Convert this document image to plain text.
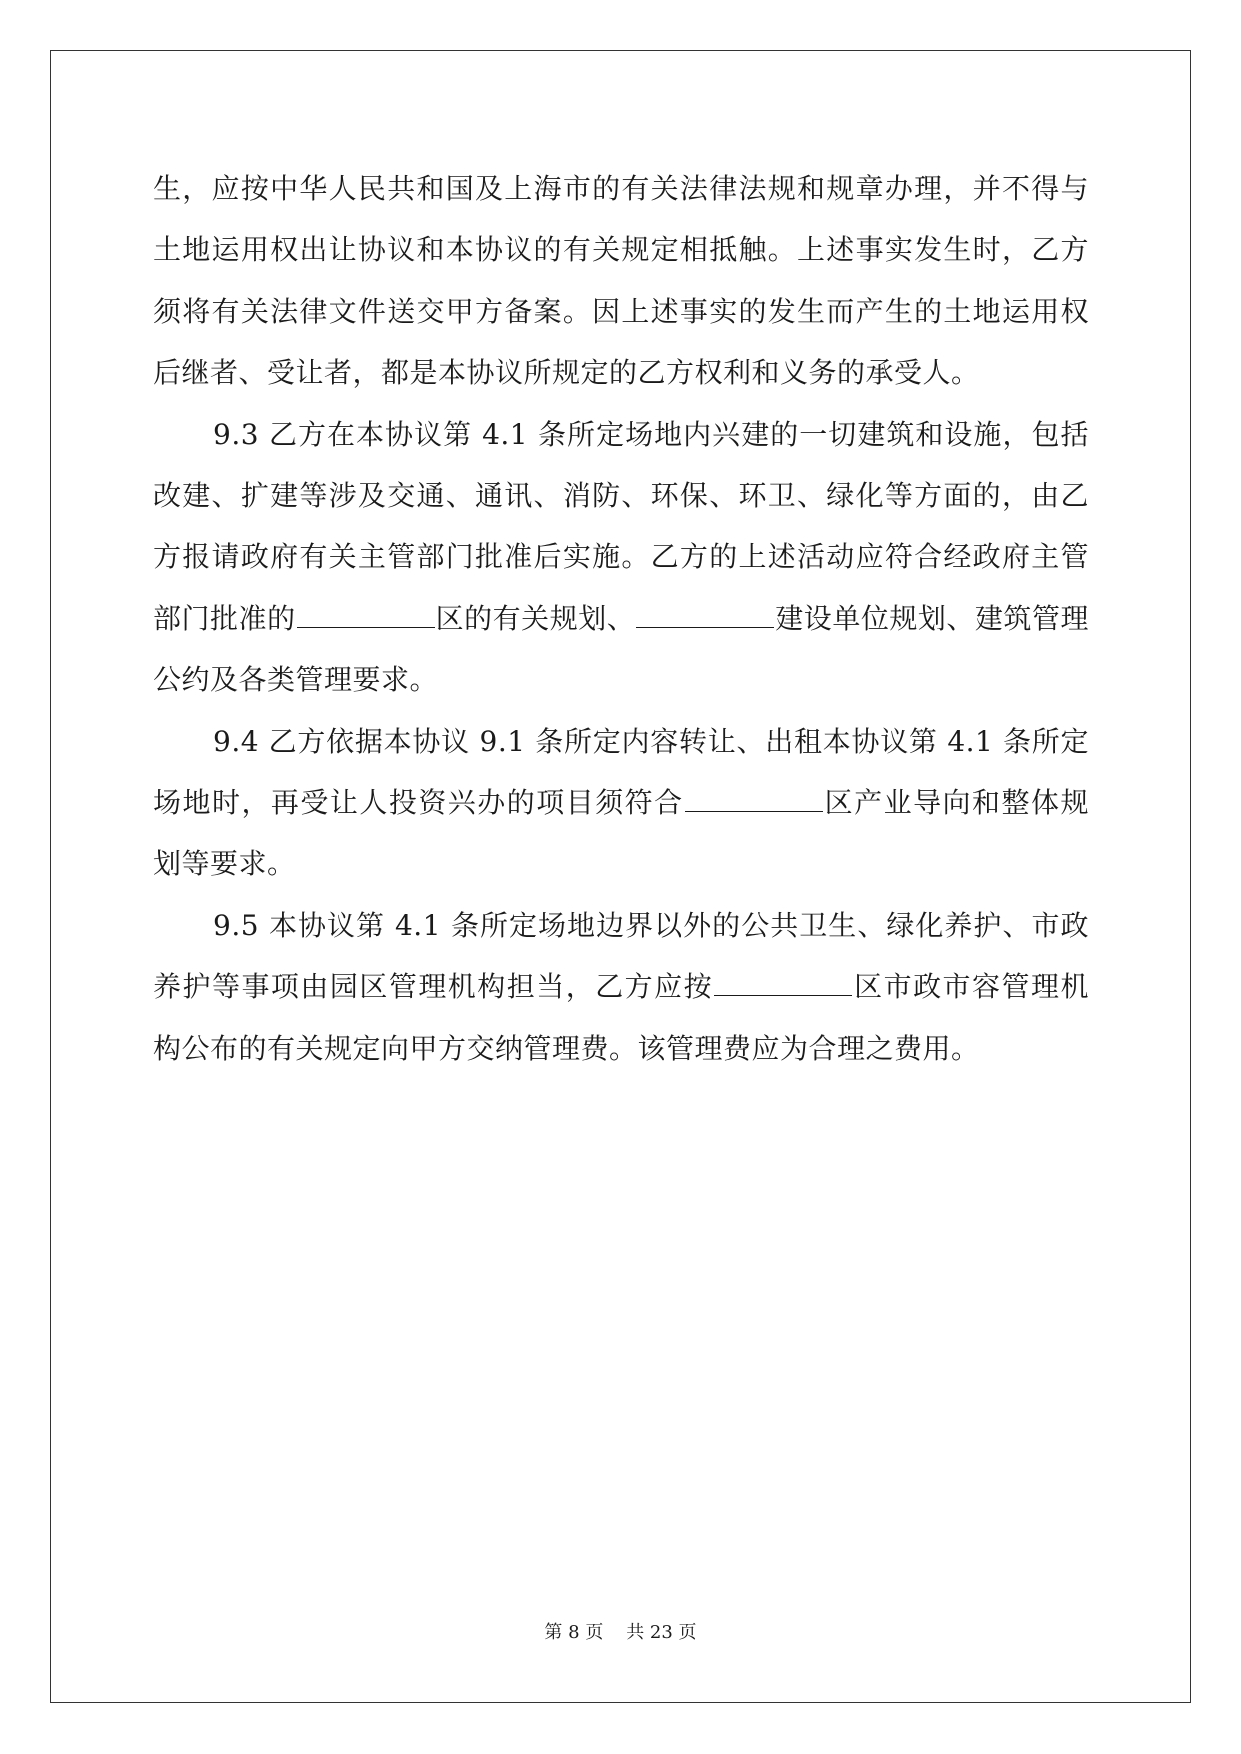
生，应按中华人民共和国及上海市的有关法律法规和规章办理，并不得与土地运用权出让协议和本协议的有关规定相抵触。上述事实发生时，乙方须将有关法律文件送交甲方备案。因上述事实的发生而产生的土地运用权后继者、受让者，都是本协议所规定的乙方权利和义务的承受人。

9.3 乙方在本协议第 4.1 条所定场地内兴建的一切建筑和设施，包括改建、扩建等涉及交通、通讯、消防、环保、环卫、绿化等方面的，由乙方报请政府有关主管部门批准后实施。乙方的上述活动应符合经政府主管部门批准的	区的有关规划、	建设单位规划、建筑管理公约及各类管理要求。

9.4 乙方依据本协议 9.1 条所定内容转让、出租本协议第 4.1 条所定场地时，再受让人投资兴办的项目须符合	区产业导向和整体规划等要求。

9.5 本协议第 4.1 条所定场地边界以外的公共卫生、绿化养护、市政养护等事项由园区管理机构担当，乙方应按	区市政市容管理机构公布的有关规定向甲方交纳管理费。该管理费应为合理之费用。

第 8 页    共 23 页
